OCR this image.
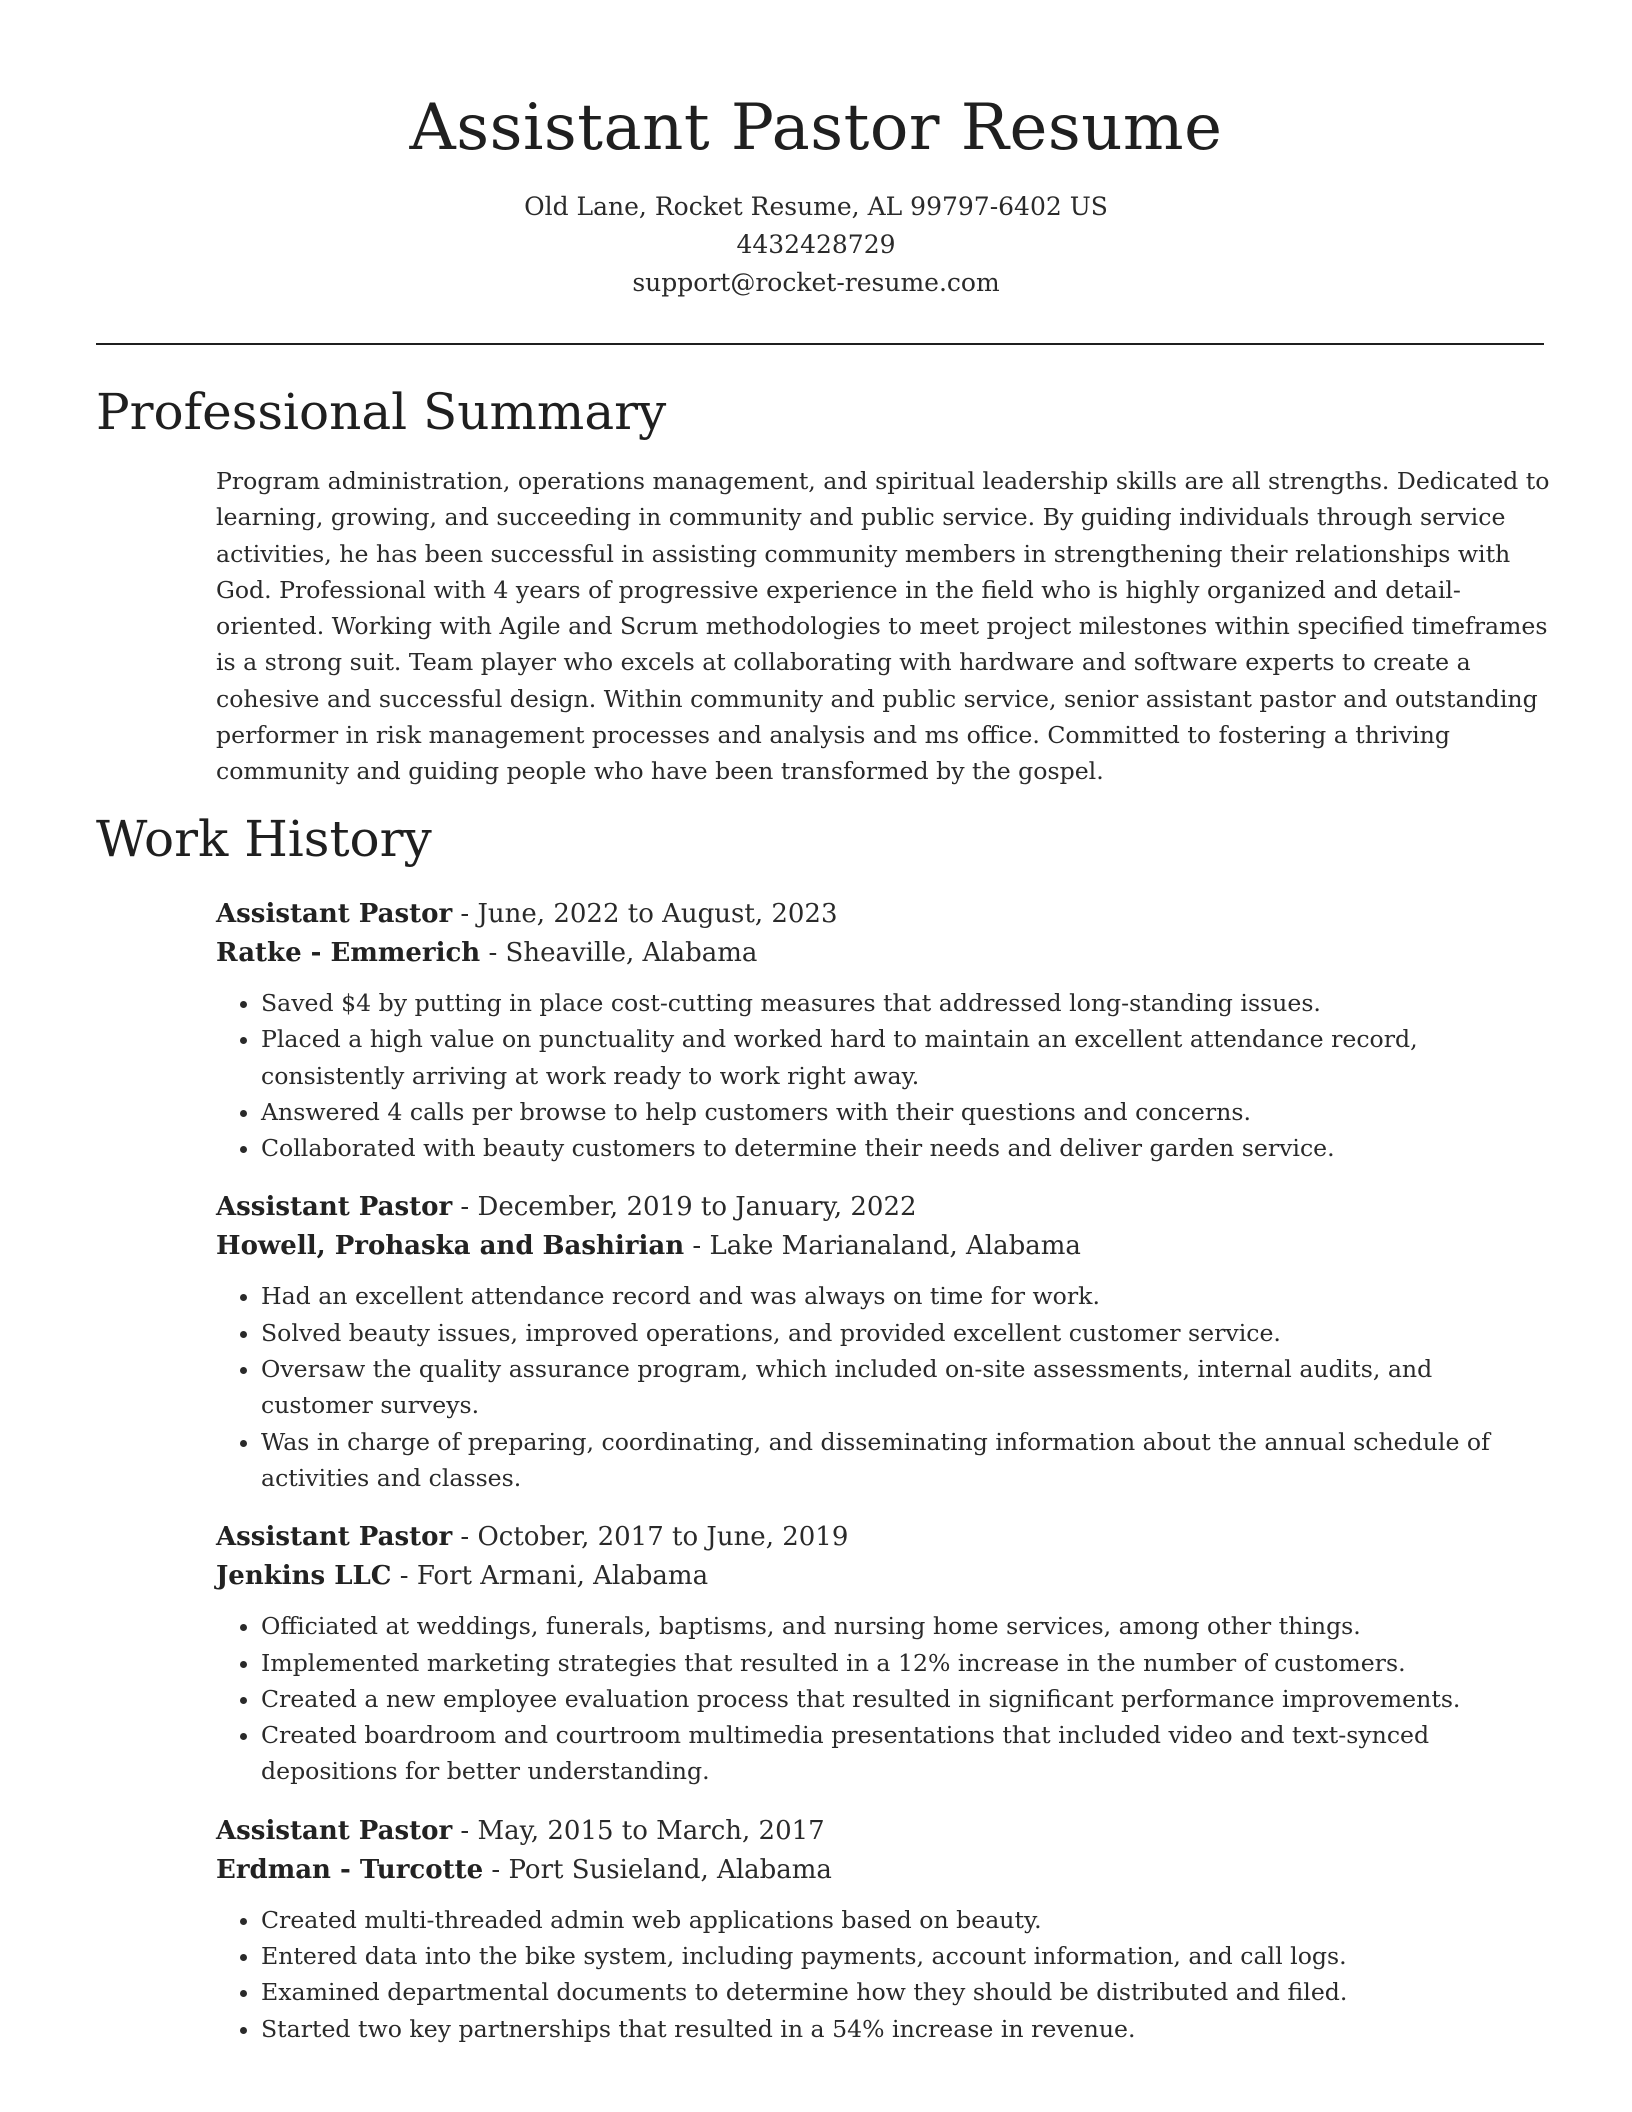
Assistant Pastor Resume
Old Lane, Rocket Resume, AL 99797-6402 US
4432428729
support@rocket-resume.com
Professional Summary

Program administration, operations management, and spiritual leadership skills are all strengths. Dedicated to learning, growing, and succeeding in community and public service. By guiding individuals through service activities, he has been successful in assisting community members in strengthening their relationships with God. Professional with 4 years of progressive experience in the field who is highly organized and detail-oriented. Working with Agile and Scrum methodologies to meet project milestones within specified timeframes is a strong suit. Team player who excels at collaborating with hardware and software experts to create a cohesive and successful design. Within community and public service, senior assistant pastor and outstanding performer in risk management processes and analysis and ms office. Committed to fostering a thriving community and guiding people who have been transformed by the gospel.

Work History
Assistant Pastor - June, 2022 to August, 2023
Ratke - Emmerich - Sheaville, Alabama
• Saved $4 by putting in place cost-cutting measures that addressed long-standing issues.
• Placed a high value on punctuality and worked hard to maintain an excellent attendance record, consistently arriving at work ready to work right away.
• Answered 4 calls per browse to help customers with their questions and concerns.
• Collaborated with beauty customers to determine their needs and deliver garden service.
Assistant Pastor - December, 2019 to January, 2022
Howell, Prohaska and Bashirian - Lake Marianaland, Alabama
• Had an excellent attendance record and was always on time for work.
• Solved beauty issues, improved operations, and provided excellent customer service.
• Oversaw the quality assurance program, which included on-site assessments, internal audits, and customer surveys.
• Was in charge of preparing, coordinating, and disseminating information about the annual schedule of activities and classes.
Assistant Pastor - October, 2017 to June, 2019
Jenkins LLC - Fort Armani, Alabama
• Officiated at weddings, funerals, baptisms, and nursing home services, among other things.
• Implemented marketing strategies that resulted in a 12% increase in the number of customers.
• Created a new employee evaluation process that resulted in significant performance improvements.
• Created boardroom and courtroom multimedia presentations that included video and text-synced depositions for better understanding.
Assistant Pastor - May, 2015 to March, 2017
Erdman - Turcotte - Port Susieland, Alabama
• Created multi-threaded admin web applications based on beauty.
• Entered data into the bike system, including payments, account information, and call logs.
• Examined departmental documents to determine how they should be distributed and filed.
• Started two key partnerships that resulted in a 54% increase in revenue.
